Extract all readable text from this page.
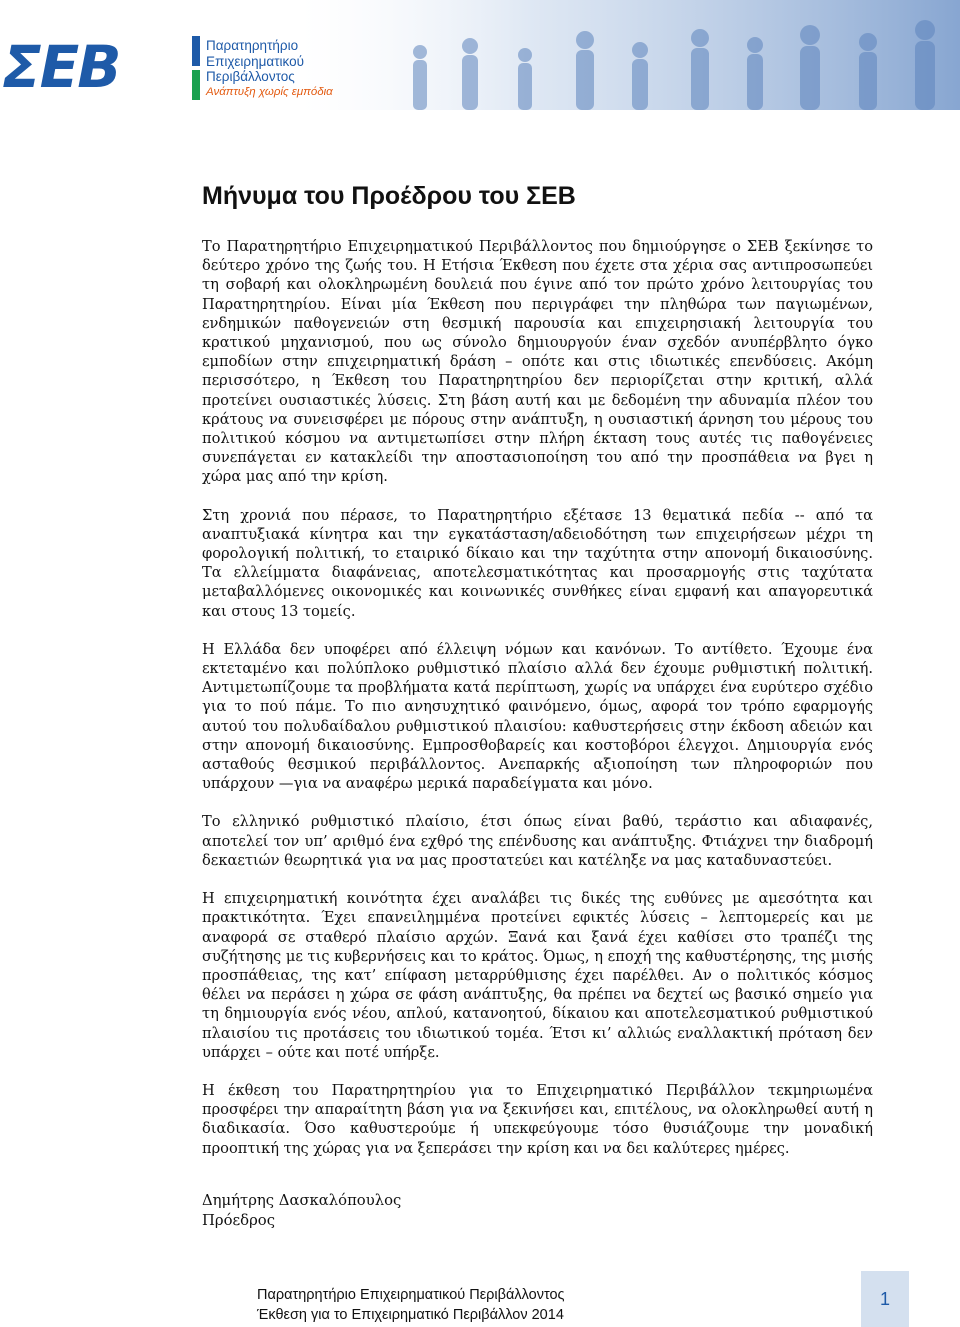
ΣΕΒ	Παρατηρητήριο
Επιχειρηματικού
Περιβάλλοντος
Ανάπτυξη χωρίς εμπόδια
Μήνυμα του Προέδρου του ΣΕΒ

Το Παρατηρητήριο Επιχειρηματικού Περιβάλλοντος που δημιούργησε ο ΣΕΒ ξεκίνησε το δεύτερο χρόνο της ζωής του. Η Ετήσια Έκθεση που έχετε στα χέρια σας αντιπροσωπεύει τη σοβαρή και ολοκληρωμένη δουλειά που έγινε από τον πρώτο χρόνο λειτουργίας του Παρατηρητηρίου. Είναι μία Έκθεση που περιγράφει την πληθώρα των παγιωμένων, ενδημικών παθογενειών στη θεσμική παρουσία και επιχειρησιακή λειτουργία του κρατικού μηχανισμού, που ως σύνολο δημιουργούν έναν σχεδόν ανυπέρβλητο όγκο εμποδίων στην επιχειρηματική δράση – οπότε και στις ιδιωτικές επενδύσεις. Ακόμη περισσότερο, η Έκθεση του Παρατηρητηρίου δεν περιορίζεται στην κριτική, αλλά προτείνει ουσιαστικές λύσεις. Στη βάση αυτή και με δεδομένη την αδυναμία πλέον του κράτους να συνεισφέρει με πόρους στην ανάπτυξη, η ουσιαστική άρνηση του μέρους του πολιτικού κόσμου να αντιμετωπίσει στην πλήρη έκταση τους αυτές τις παθογένειες συνεπάγεται εν κατακλείδι την αποστασιοποίηση του από την προσπάθεια να βγει η χώρα μας από την κρίση.

Στη χρονιά που πέρασε, το Παρατηρητήριο εξέτασε 13 θεματικά πεδία -- από τα αναπτυξιακά κίνητρα και την εγκατάσταση/αδειοδότηση των επιχειρήσεων μέχρι τη φορολογική πολιτική, το εταιρικό δίκαιο και την ταχύτητα στην απονομή δικαιοσύνης. Τα ελλείμματα διαφάνειας, αποτελεσματικότητας και προσαρμογής στις ταχύτατα μεταβαλλόμενες οικονομικές και κοινωνικές συνθήκες είναι εμφανή και απαγορευτικά και στους 13 τομείς.

Η Ελλάδα δεν υποφέρει από έλλειψη νόμων και κανόνων. Το αντίθετο. Έχουμε ένα εκτεταμένο και πολύπλοκο ρυθμιστικό πλαίσιο αλλά δεν έχουμε ρυθμιστική πολιτική. Αντιμετωπίζουμε τα προβλήματα κατά περίπτωση, χωρίς να υπάρχει ένα ευρύτερο σχέδιο για το πού πάμε. Το πιο ανησυχητικό φαινόμενο, όμως, αφορά τον τρόπο εφαρμογής αυτού του πολυδαίδαλου ρυθμιστικού πλαισίου: καθυστερήσεις στην έκδοση αδειών και στην απονομή δικαιοσύνης. Εμπροσθοβαρείς και κοστοβόροι έλεγχοι. Δημιουργία ενός ασταθούς θεσμικού περιβάλλοντος. Ανεπαρκής αξιοποίηση των πληροφοριών που υπάρχουν —για να αναφέρω μερικά παραδείγματα και μόνο.

Το ελληνικό ρυθμιστικό πλαίσιο, έτσι όπως είναι βαθύ, τεράστιο και αδιαφανές, αποτελεί τον υπ’ αριθμό ένα εχθρό της επένδυσης και ανάπτυξης. Φτιάχνει την διαδρομή δεκαετιών θεωρητικά για να μας προστατεύει και κατέληξε να μας καταδυναστεύει.

Η επιχειρηματική κοινότητα έχει αναλάβει τις δικές της ευθύνες με αμεσότητα και πρακτικότητα. Έχει επανειλημμένα προτείνει εφικτές λύσεις – λεπτομερείς και με αναφορά σε σταθερό πλαίσιο αρχών. Ξανά και ξανά έχει καθίσει στο τραπέζι της συζήτησης με τις κυβερνήσεις και το κράτος. Όμως, η εποχή της καθυστέρησης, της μισής προσπάθειας, της κατ’ επίφαση μεταρρύθμισης έχει παρέλθει. Αν ο πολιτικός κόσμος θέλει να περάσει η χώρα σε φάση ανάπτυξης, θα πρέπει να δεχτεί ως βασικό σημείο για τη δημιουργία ενός νέου, απλού, κατανοητού, δίκαιου και αποτελεσματικού ρυθμιστικού πλαισίου τις προτάσεις του ιδιωτικού τομέα. Έτσι κι’ αλλιώς εναλλακτική πρόταση δεν υπάρχει – ούτε και ποτέ υπήρξε.

Η έκθεση του Παρατηρητηρίου για το Επιχειρηματικό Περιβάλλον τεκμηριωμένα προσφέρει την απαραίτητη βάση για να ξεκινήσει και, επιτέλους, να ολοκληρωθεί αυτή η διαδικασία. Όσο καθυστερούμε ή υπεκφεύγουμε τόσο θυσιάζουμε την μοναδική προοπτική της χώρας για να ξεπεράσει την κρίση και να δει καλύτερες ημέρες.

Δημήτρης Δασκαλόπουλος
Πρόεδρος
Παρατηρητήριο Επιχειρηματικού Περιβάλλοντος
Έκθεση για το Επιχειρηματικό Περιβάλλον 2014
1
